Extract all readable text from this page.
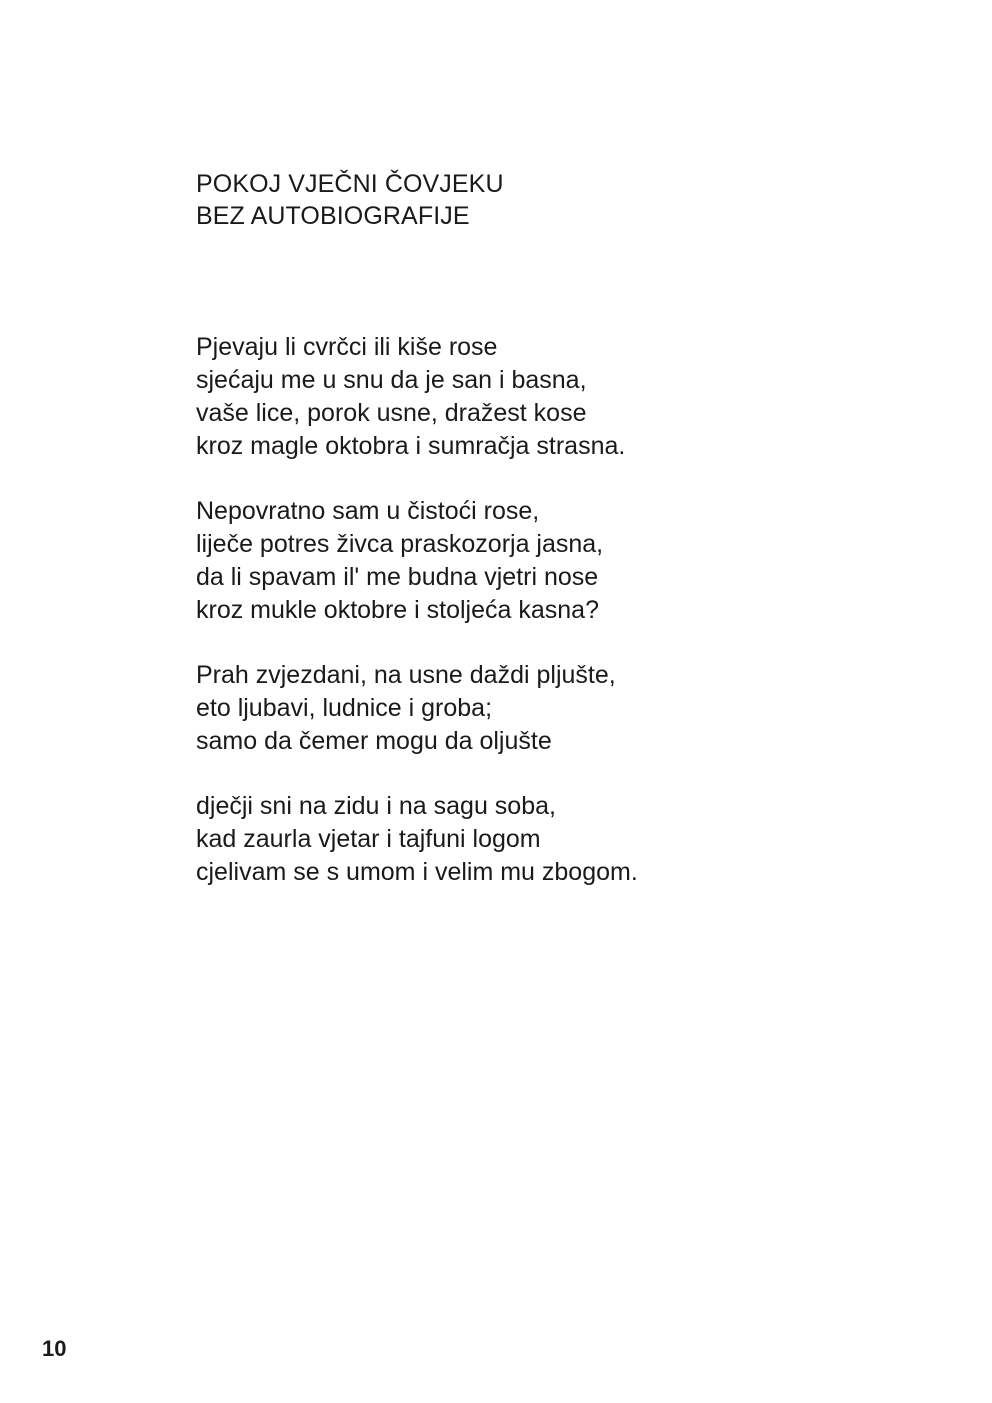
POKOJ VJEČNI ČOVJEKU
BEZ AUTOBIOGRAFIJE
Pjevaju li cvrčci ili kiše rose
sjećaju me u snu da je san i basna,
vaše lice, porok usne, dražest kose
kroz magle oktobra i sumračja strasna.
Nepovratno sam u čistoći rose,
liječe potres živca praskozorja jasna,
da li spavam il' me budna vjetri nose
kroz mukle oktobre i stoljeća kasna?
Prah zvjezdani, na usne daždi pljušte,
eto ljubavi, ludnice i groba;
samo da čemer mogu da oljušte
dječji sni na zidu i na sagu soba,
kad zaurla vjetar i tajfuni logom
cjelivam se s umom i velim mu zbogom.
10
